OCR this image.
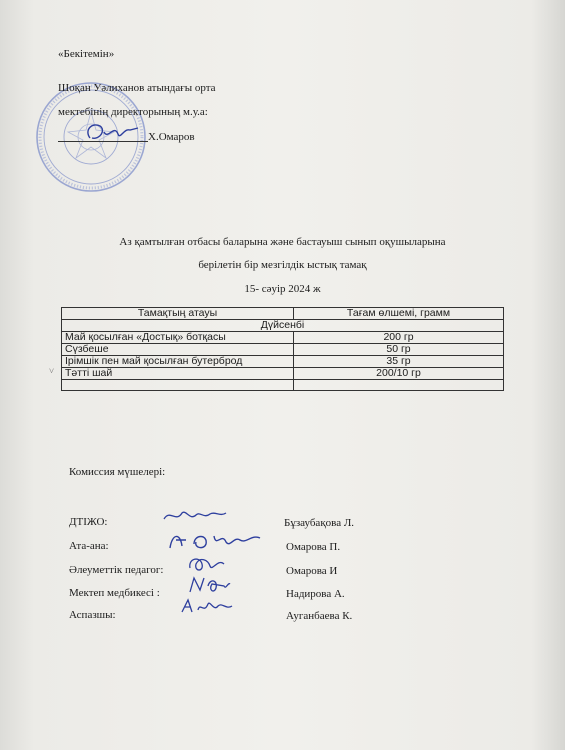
«Бекітемін»
Шоқан Уәлиханов атындағы орта
мектебінің директорының м.у.а:
Х.Омаров
Аз қамтылған отбасы баларына және бастауыш сынып оқушыларына
берілетін бір мезгілдік ыстық тамақ
15- сәуір 2024 ж
Тамақтың атауы	Тағам өлшемі, грамм
Дүйсенбі	
Май қосылған «Достық» ботқасы	200 гр
Сүзбеше	50 гр
Ірімшік пен май қосылған бутерброд	35 гр
Тәтті шай	200/10 гр

˅
Комиссия мүшелері:
ДТІЖО:	Бұзаубақова Л.
Ата-ана:	Омарова П.
Әлеуметтік педагог:	Омарова И
Мектеп медбикесі :	Надирова А.
Аспазшы:	Ауганбаева К.
